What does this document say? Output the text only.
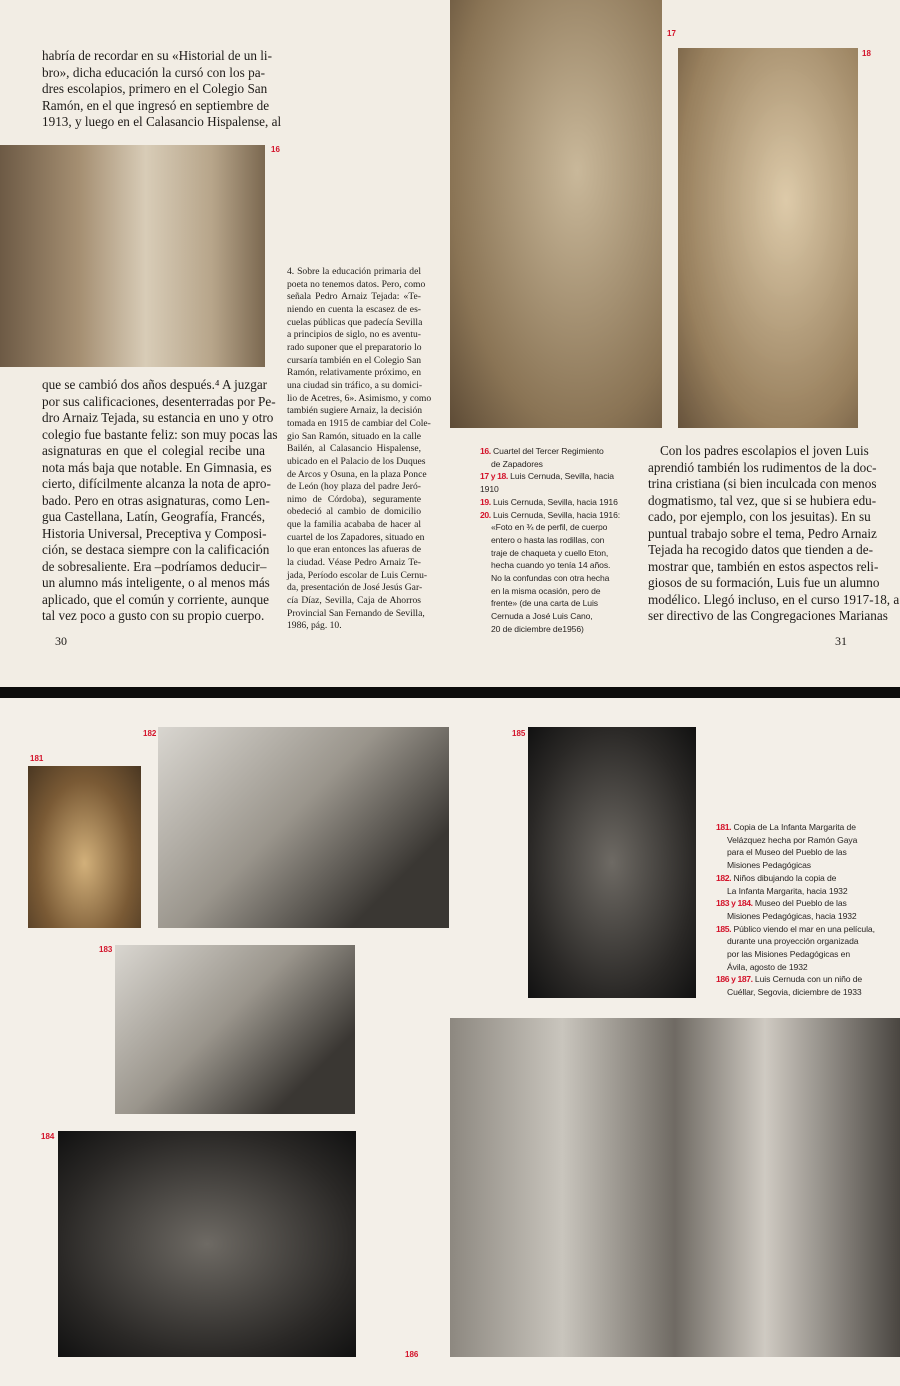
habría de recordar en su «Historial de un li-
bro», dicha educación la cursó con los pa-
dres escolapios, primero en el Colegio San
Ramón, en el que ingresó en septiembre de
1913, y luego en el Calasancio Hispalense, al
16
que se cambió dos años después.⁴ A juzgar
por sus calificaciones, desenterradas por Pe-
dro Arnaiz Tejada, su estancia en uno y otro
colegio fue bastante feliz: son muy pocas las
asignaturas en que el colegial recibe una
nota más baja que notable. En Gimnasia, es
cierto, difícilmente alcanza la nota de apro-
bado. Pero en otras asignaturas, como Len-
gua Castellana, Latín, Geografía, Francés,
Historia Universal, Preceptiva y Composi-
ción, se destaca siempre con la calificación
de sobresaliente. Era –podríamos deducir–
un alumno más inteligente, o al menos más
aplicado, que el común y corriente, aunque
tal vez poco a gusto con su propio cuerpo.
4. Sobre la educación primaria del
poeta no tenemos datos. Pero, como
señala Pedro Arnaiz Tejada: «Te-
niendo en cuenta la escasez de es-
cuelas públicas que padecía Sevilla
a principios de siglo, no es aventu-
rado suponer que el preparatorio lo
cursaría también en el Colegio San
Ramón, relativamente próximo, en
una ciudad sin tráfico, a su domici-
lio de Acetres, 6». Asimismo, y como
también sugiere Arnaiz, la decisión
tomada en 1915 de cambiar del Cole-
gio San Ramón, situado en la calle
Bailén, al Calasancio Hispalense,
ubicado en el Palacio de los Duques
de Arcos y Osuna, en la plaza Ponce
de León (hoy plaza del padre Jeró-
nimo de Córdoba), seguramente
obedeció al cambio de domicilio
que la familia acababa de hacer al
cuartel de los Zapadores, situado en
lo que eran entonces las afueras de
la ciudad. Véase Pedro Arnaiz Te-
jada, Período escolar de Luis Cernu-
da, presentación de José Jesús Gar-
cía Díaz, Sevilla, Caja de Ahorros
Provincial San Fernando de Sevilla,
1986, pág. 10.
30
17
18
16. Cuartel del Tercer Regimiento
de Zapadores
17 y 18. Luis Cernuda, Sevilla, hacia 1910
19. Luis Cernuda, Sevilla, hacia 1916
20. Luis Cernuda, Sevilla, hacia 1916:
«Foto en ¾ de perfil, de cuerpo
entero o hasta las rodillas, con
traje de chaqueta y cuello Eton,
hecha cuando yo tenía 14 años.
No la confundas con otra hecha
en la misma ocasión, pero de
frente» (de una carta de Luis
Cernuda a José Luis Cano,
20 de diciembre de1956)
Con los padres escolapios el joven Luis
aprendió también los rudimentos de la doc-
trina cristiana (si bien inculcada con menos
dogmatismo, tal vez, que si se hubiera edu-
cado, por ejemplo, con los jesuitas). En su
puntual trabajo sobre el tema, Pedro Arnaiz
Tejada ha recogido datos que tienden a de-
mostrar que, también en estos aspectos reli-
giosos de su formación, Luis fue un alumno
modélico. Llegó incluso, en el curso 1917-18, a
ser directivo de las Congregaciones Marianas
31
181
182
183
184
185
181. Copia de La Infanta Margarita de
Velázquez hecha por Ramón Gaya
para el Museo del Pueblo de las
Misiones Pedagógicas
182. Niños dibujando la copia de
La Infanta Margarita, hacia 1932
183 y 184. Museo del Pueblo de las
Misiones Pedagógicas, hacia 1932
185. Público viendo el mar en una película,
durante una proyección organizada
por las Misiones Pedagógicas en
Ávila, agosto de 1932
186 y 187. Luis Cernuda con un niño de
Cuéllar, Segovia, diciembre de 1933
186
